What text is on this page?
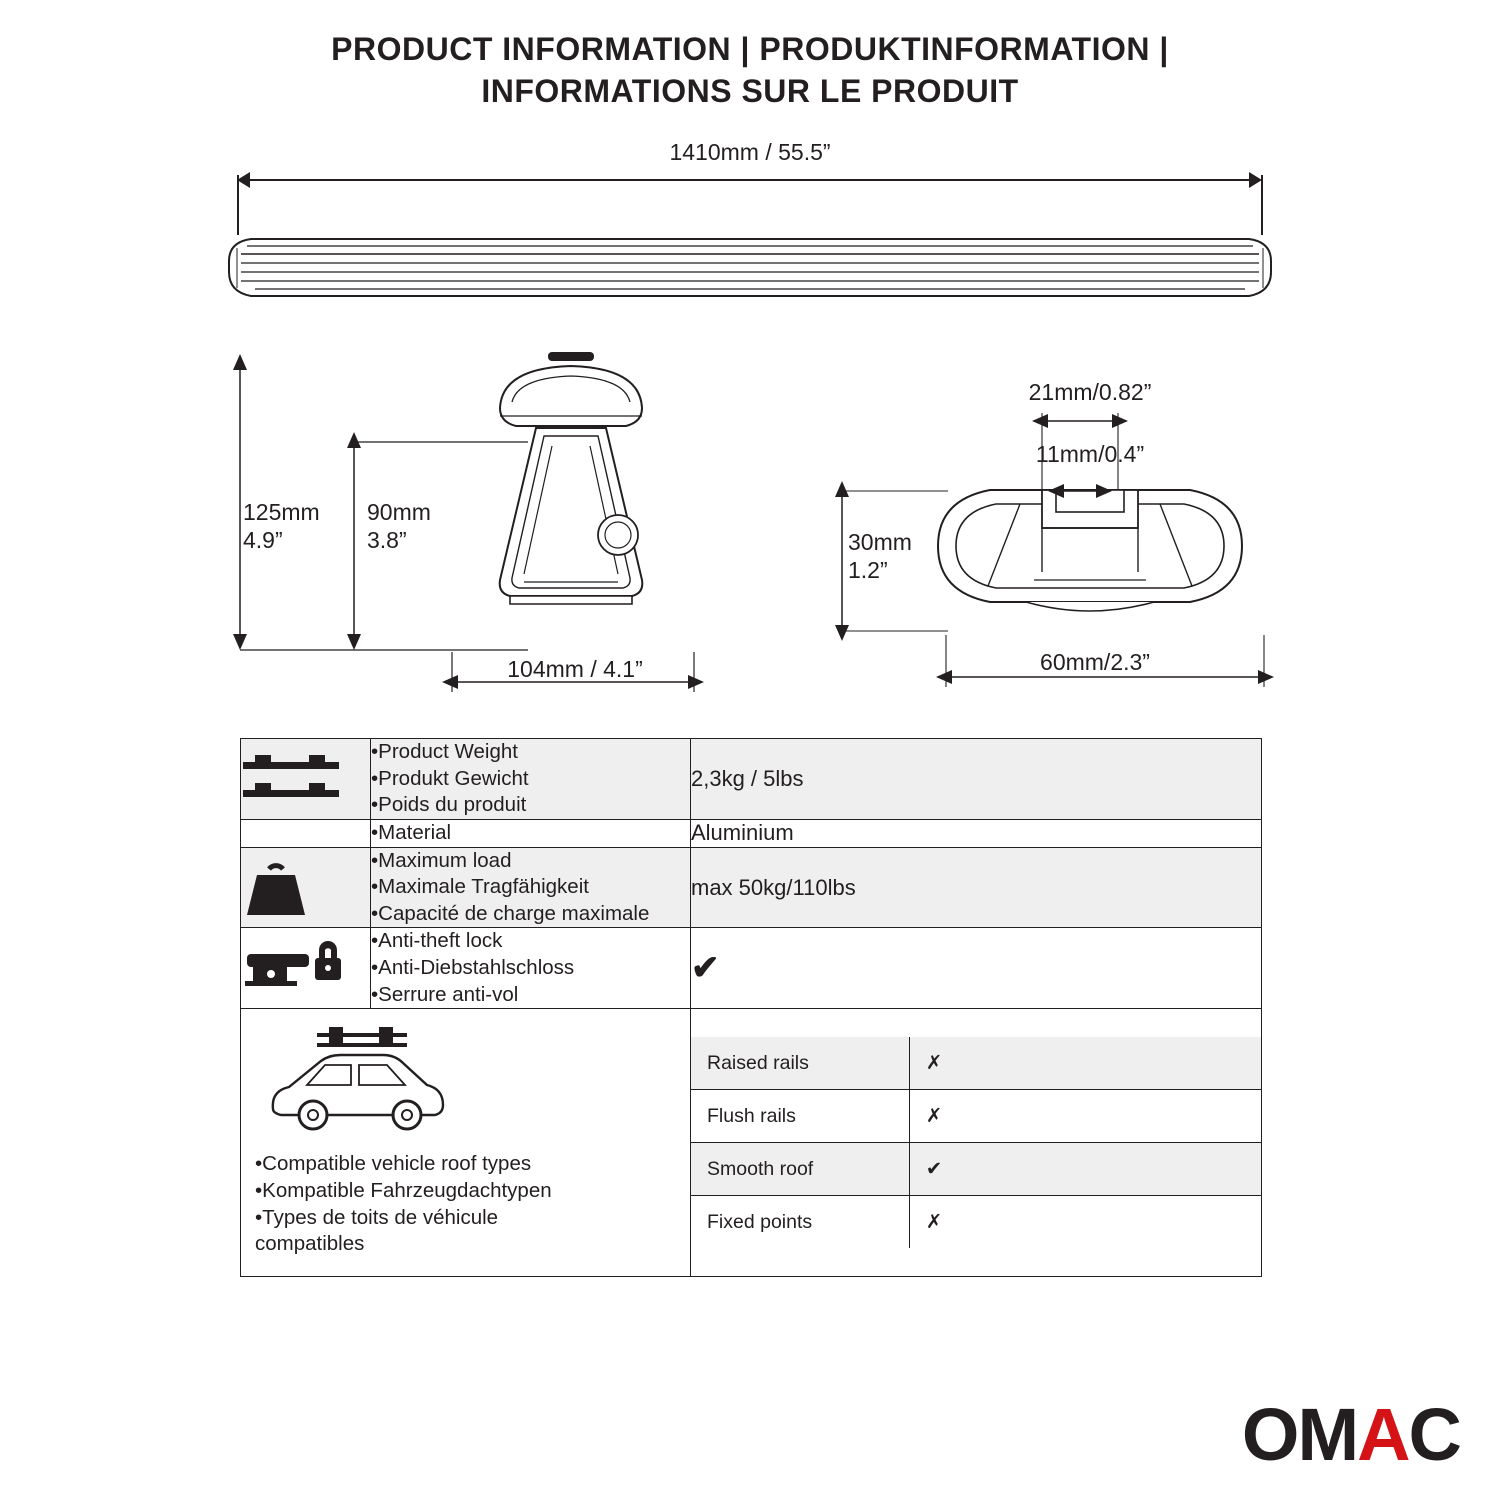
PRODUCT INFORMATION | PRODUKTINFORMATION |
INFORMATIONS SUR LE PRODUIT
1410mm / 55.5”
125mm
4.9”
90mm
3.8”
104mm / 4.1”
21mm/0.82”
11mm/0.4”
30mm
1.2”
60mm/2.3”

•Product Weight
•Produkt Gewicht
•Poids du produit
	2,3kg / 5lbs

•Material	Aluminium

•Maximum load
•Maximale Tragfähigkeit
•Capacité de charge maximale
	max 50kg/110lbs

•Anti-theft lock
•Anti-Diebstahlschloss
•Serrure anti-vol
	✔

•Compatible vehicle roof types
•Kompatible Fahrzeugdachtypen
•Types de toits de véhicule
compatibles

Raised rails	✗
Flush rails	✗
Smooth roof	✔
Fixed points	✗
OMAC
